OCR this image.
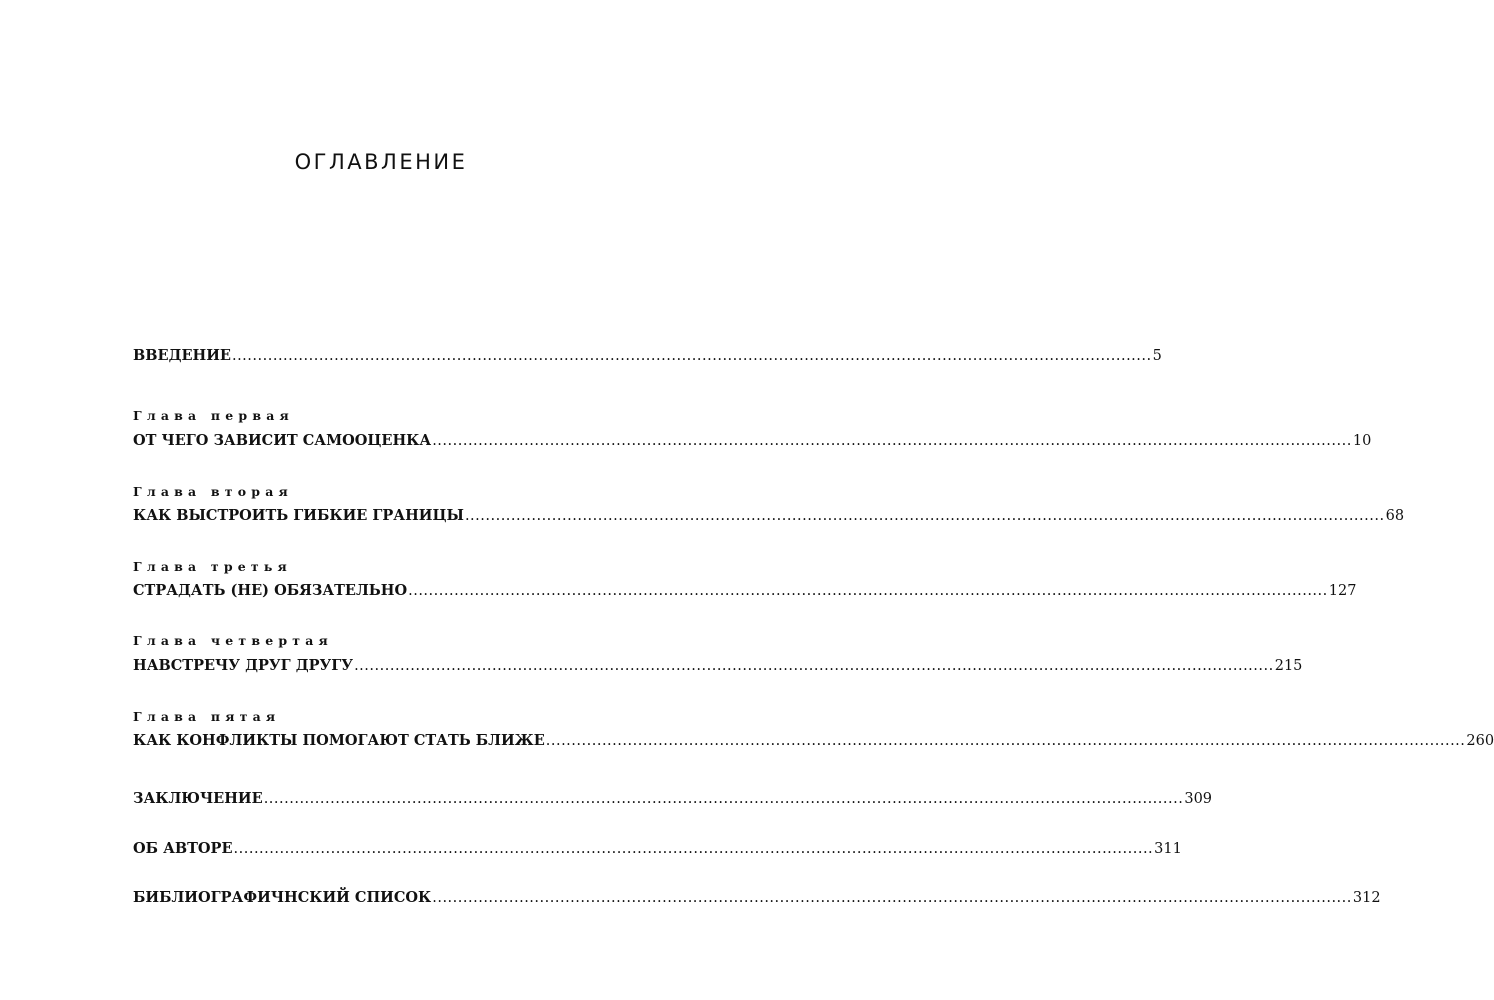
ОГЛАВЛЕНИЕ
ВВЕДЕНИЕ .................................................................................................................................................................................... 5
Глава первая
ОТ ЧЕГО ЗАВИСИТ САМООЦЕНКА .................................................................................................................................................................................... 10
Глава вторая
КАК ВЫСТРОИТЬ ГИБКИЕ ГРАНИЦЫ .................................................................................................................................................................................... 68
Глава третья
СТРАДАТЬ (НЕ) ОБЯЗАТЕЛЬНО .................................................................................................................................................................................... 127
Глава четвертая
НАВСТРЕЧУ ДРУГ ДРУГУ .................................................................................................................................................................................... 215
Глава пятая
КАК КОНФЛИКТЫ ПОМОГАЮТ СТАТЬ БЛИЖЕ .................................................................................................................................................................................... 260
ЗАКЛЮЧЕНИЕ .................................................................................................................................................................................... 309
ОБ АВТОРЕ .................................................................................................................................................................................... 311
БИБЛИОГРАФИЧНСКИЙ СПИСОК .................................................................................................................................................................................... 312
